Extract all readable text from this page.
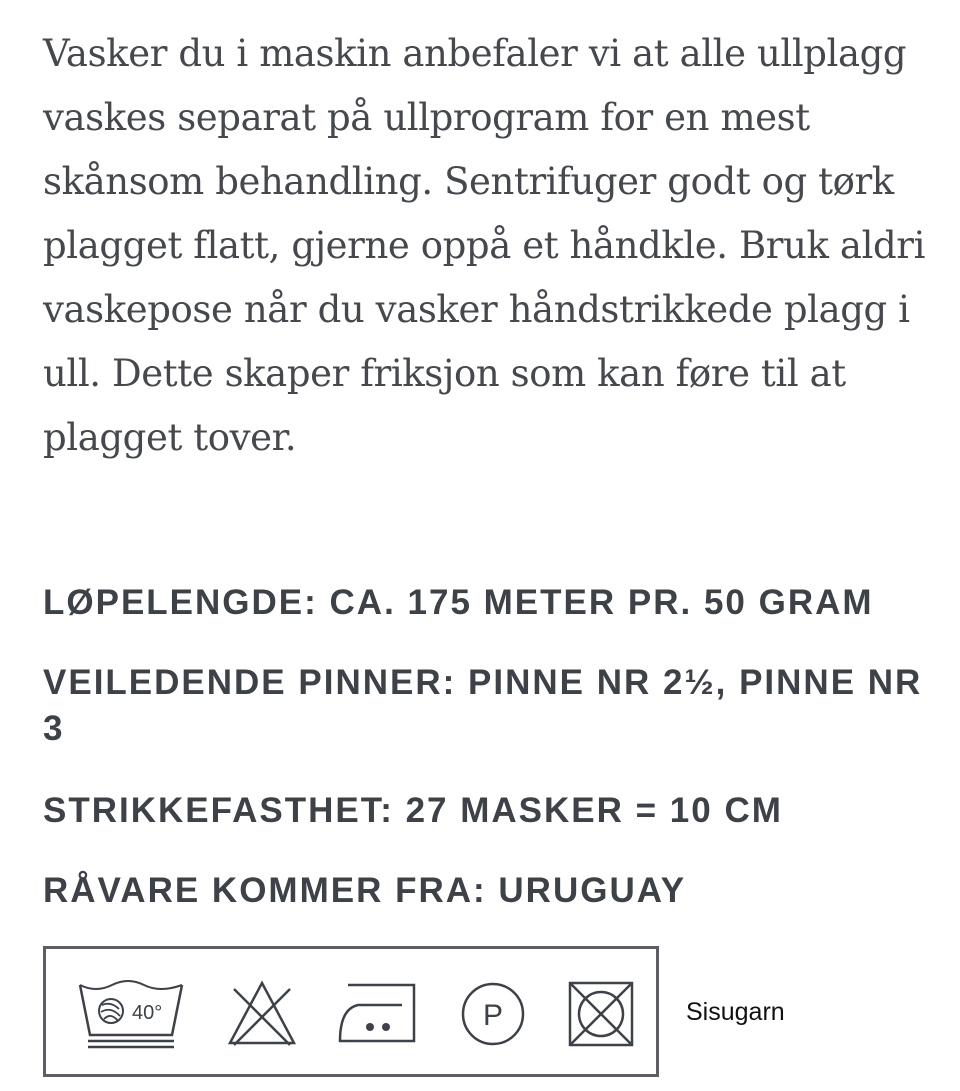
Vasker du i maskin anbefaler vi at alle ullplagg vaskes separat på ullprogram for en mest skånsom behandling. Sentrifuger godt og tørk plagget flatt, gjerne oppå et håndkle. Bruk aldri vaskepose når du vasker håndstrikkede plagg i ull. Dette skaper friksjon som kan føre til at plagget tover.

LØPELENGDE: CA. 175 METER PR. 50 GRAM

VEILEDENDE PINNER: PINNE NR 2½, PINNE NR 3

STRIKKEFASTHET: 27 MASKER = 10 CM

RÅVARE KOMMER FRA: URUGUAY

40°	P	Sisugarn
